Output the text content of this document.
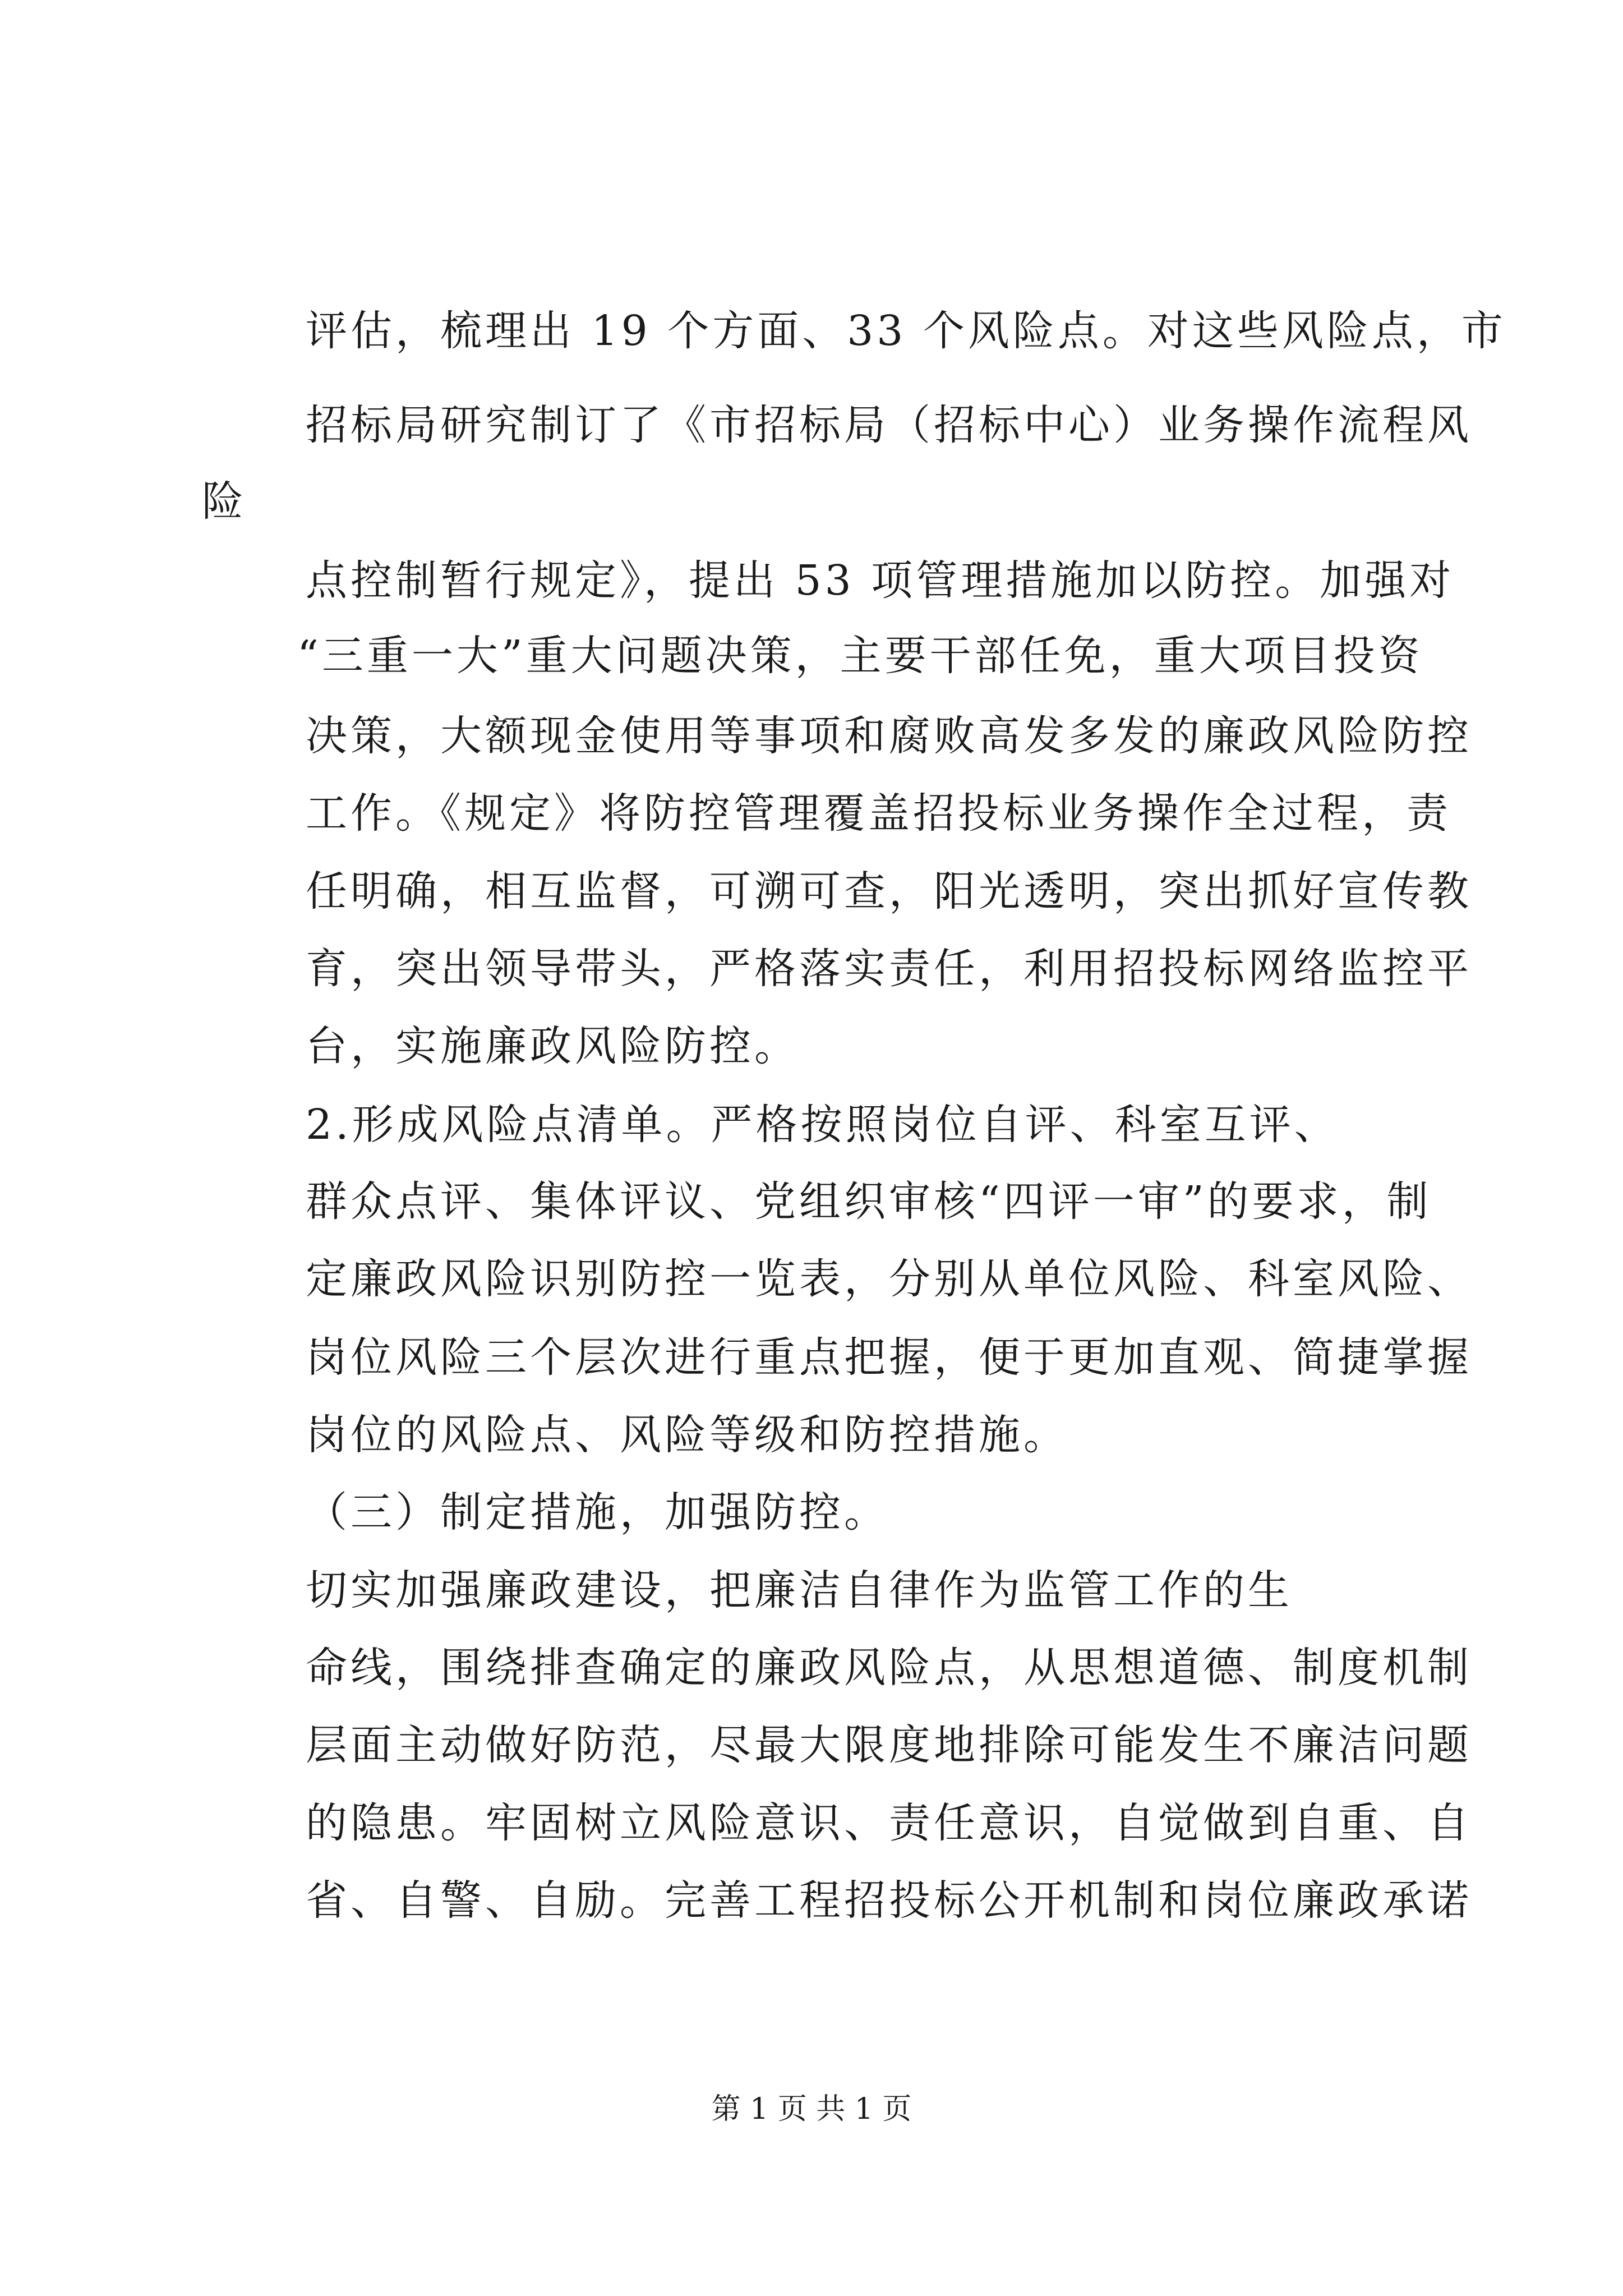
评估，梳理出 19 个方面、33 个风险点。对这些风险点，市
招标局研究制订了《市招标局（招标中心）业务操作流程风
险
点控制暂行规定》，提出 53 项管理措施加以防控。加强对
“三重一大”重大问题决策，主要干部任免，重大项目投资
决策，大额现金使用等事项和腐败高发多发的廉政风险防控
工作。《规定》将防控管理覆盖招投标业务操作全过程，责
任明确，相互监督，可溯可查，阳光透明，突出抓好宣传教
育，突出领导带头，严格落实责任，利用招投标网络监控平
台，实施廉政风险防控。
2.形成风险点清单。严格按照岗位自评、科室互评、
群众点评、集体评议、党组织审核“四评一审”的要求，制
定廉政风险识别防控一览表，分别从单位风险、科室风险、
岗位风险三个层次进行重点把握，便于更加直观、简捷掌握
岗位的风险点、风险等级和防控措施。
（三）制定措施，加强防控。
切实加强廉政建设，把廉洁自律作为监管工作的生
命线，围绕排查确定的廉政风险点，从思想道德、制度机制
层面主动做好防范，尽最大限度地排除可能发生不廉洁问题
的隐患。牢固树立风险意识、责任意识，自觉做到自重、自
省、自警、自励。完善工程招投标公开机制和岗位廉政承诺
第 1 页 共 1 页
